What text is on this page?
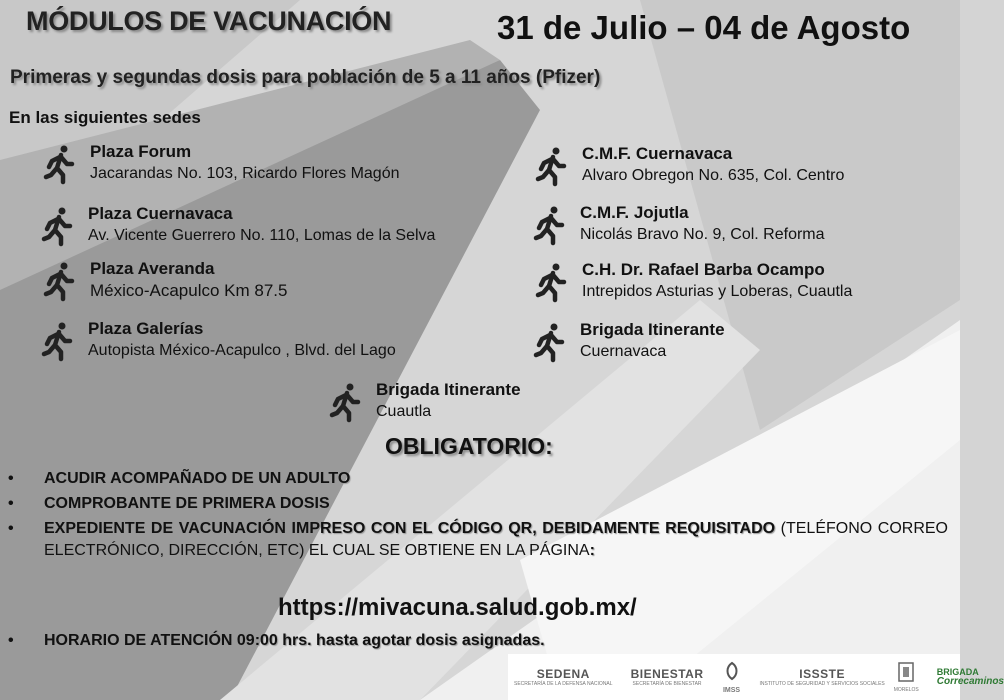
MÓDULOS DE VACUNACIÓN	31 de Julio – 04 de Agosto
Primeras y segundas dosis para población de 5 a 11 años (Pfizer)
En las siguientes sedes
Plaza Forum
Jacarandas No. 103, Ricardo Flores Magón
C.M.F. Cuernavaca
Alvaro Obregon No. 635, Col. Centro
Plaza Cuernavaca
Av. Vicente Guerrero No. 110, Lomas de la Selva
C.M.F. Jojutla
Nicolás Bravo No. 9, Col. Reforma
Plaza Averanda
México-Acapulco Km 87.5
C.H. Dr. Rafael Barba Ocampo
Intrepidos Asturias y Loberas, Cuautla
Plaza Galerías
Autopista México-Acapulco , Blvd. del Lago
Brigada Itinerante
Cuernavaca
Brigada Itinerante
Cuautla
OBLIGATORIO:
•	ACUDIR ACOMPAÑADO DE UN ADULTO
•	COMPROBANTE DE PRIMERA DOSIS
•	EXPEDIENTE DE VACUNACIÓN IMPRESO CON EL CÓDIGO QR, DEBIDAMENTE REQUISITADO (TELÉFONO CORREO ELECTRÓNICO, DIRECCIÓN, ETC) EL CUAL SE OBTIENE EN LA PÁGINA:
https://mivacuna.salud.gob.mx/
•	HORARIO DE ATENCIÓN 09:00 hrs. hasta agotar dosis asignadas.
SEDENA
SECRETARÍA DE LA DEFENSA NACIONAL
BIENESTAR
SECRETARÍA DE BIENESTAR
IMSS
ISSSTE
INSTITUTO DE SEGURIDAD Y SERVICIOS SOCIALES
MORELOS
BRIGADA
Correcaminos
